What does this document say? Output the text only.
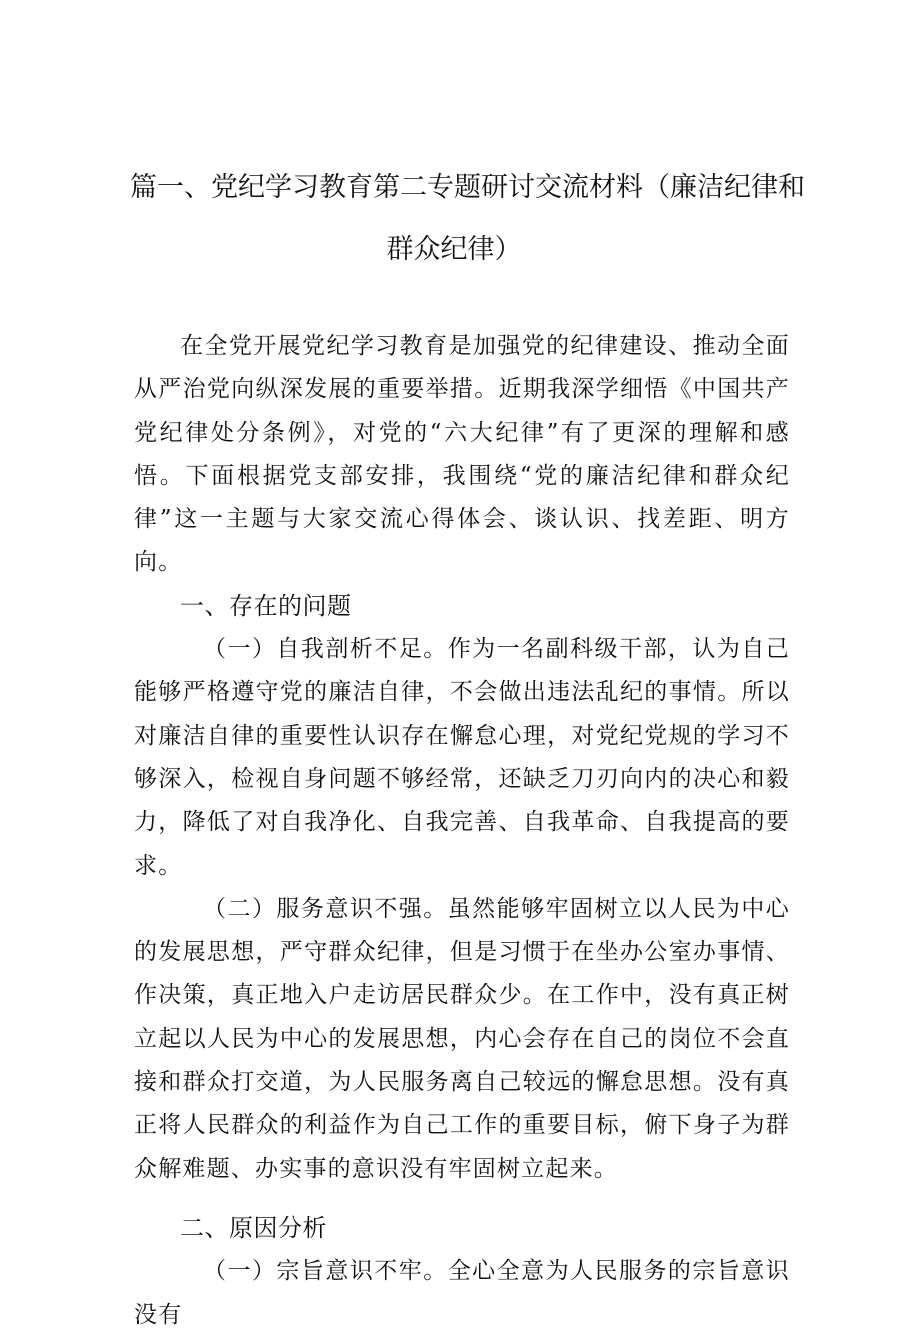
篇一、党纪学习教育第二专题研讨交流材料（廉洁纪律和
群众纪律）

在全党开展党纪学习教育是加强党的纪律建设、推动全面从严治党向纵深发展的重要举措。近期我深学细悟《中国共产党纪律处分条例》，对党的“六大纪律”有了更深的理解和感悟。下面根据党支部安排，我围绕“党的廉洁纪律和群众纪律”这一主题与大家交流心得体会、谈认识、找差距、明方向。

一、存在的问题

（一）自我剖析不足。作为一名副科级干部，认为自己能够严格遵守党的廉洁自律，不会做出违法乱纪的事情。所以对廉洁自律的重要性认识存在懈怠心理，对党纪党规的学习不够深入，检视自身问题不够经常，还缺乏刀刃向内的决心和毅力，降低了对自我净化、自我完善、自我革命、自我提高的要求。

（二）服务意识不强。虽然能够牢固树立以人民为中心的发展思想，严守群众纪律，但是习惯于在坐办公室办事情、作决策，真正地入户走访居民群众少。在工作中，没有真正树立起以人民为中心的发展思想，内心会存在自己的岗位不会直接和群众打交道，为人民服务离自己较远的懈怠思想。没有真正将人民群众的利益作为自己工作的重要目标，俯下身子为群众解难题、办实事的意识没有牢固树立起来。

二、原因分析

（一）宗旨意识不牢。全心全意为人民服务的宗旨意识没有
